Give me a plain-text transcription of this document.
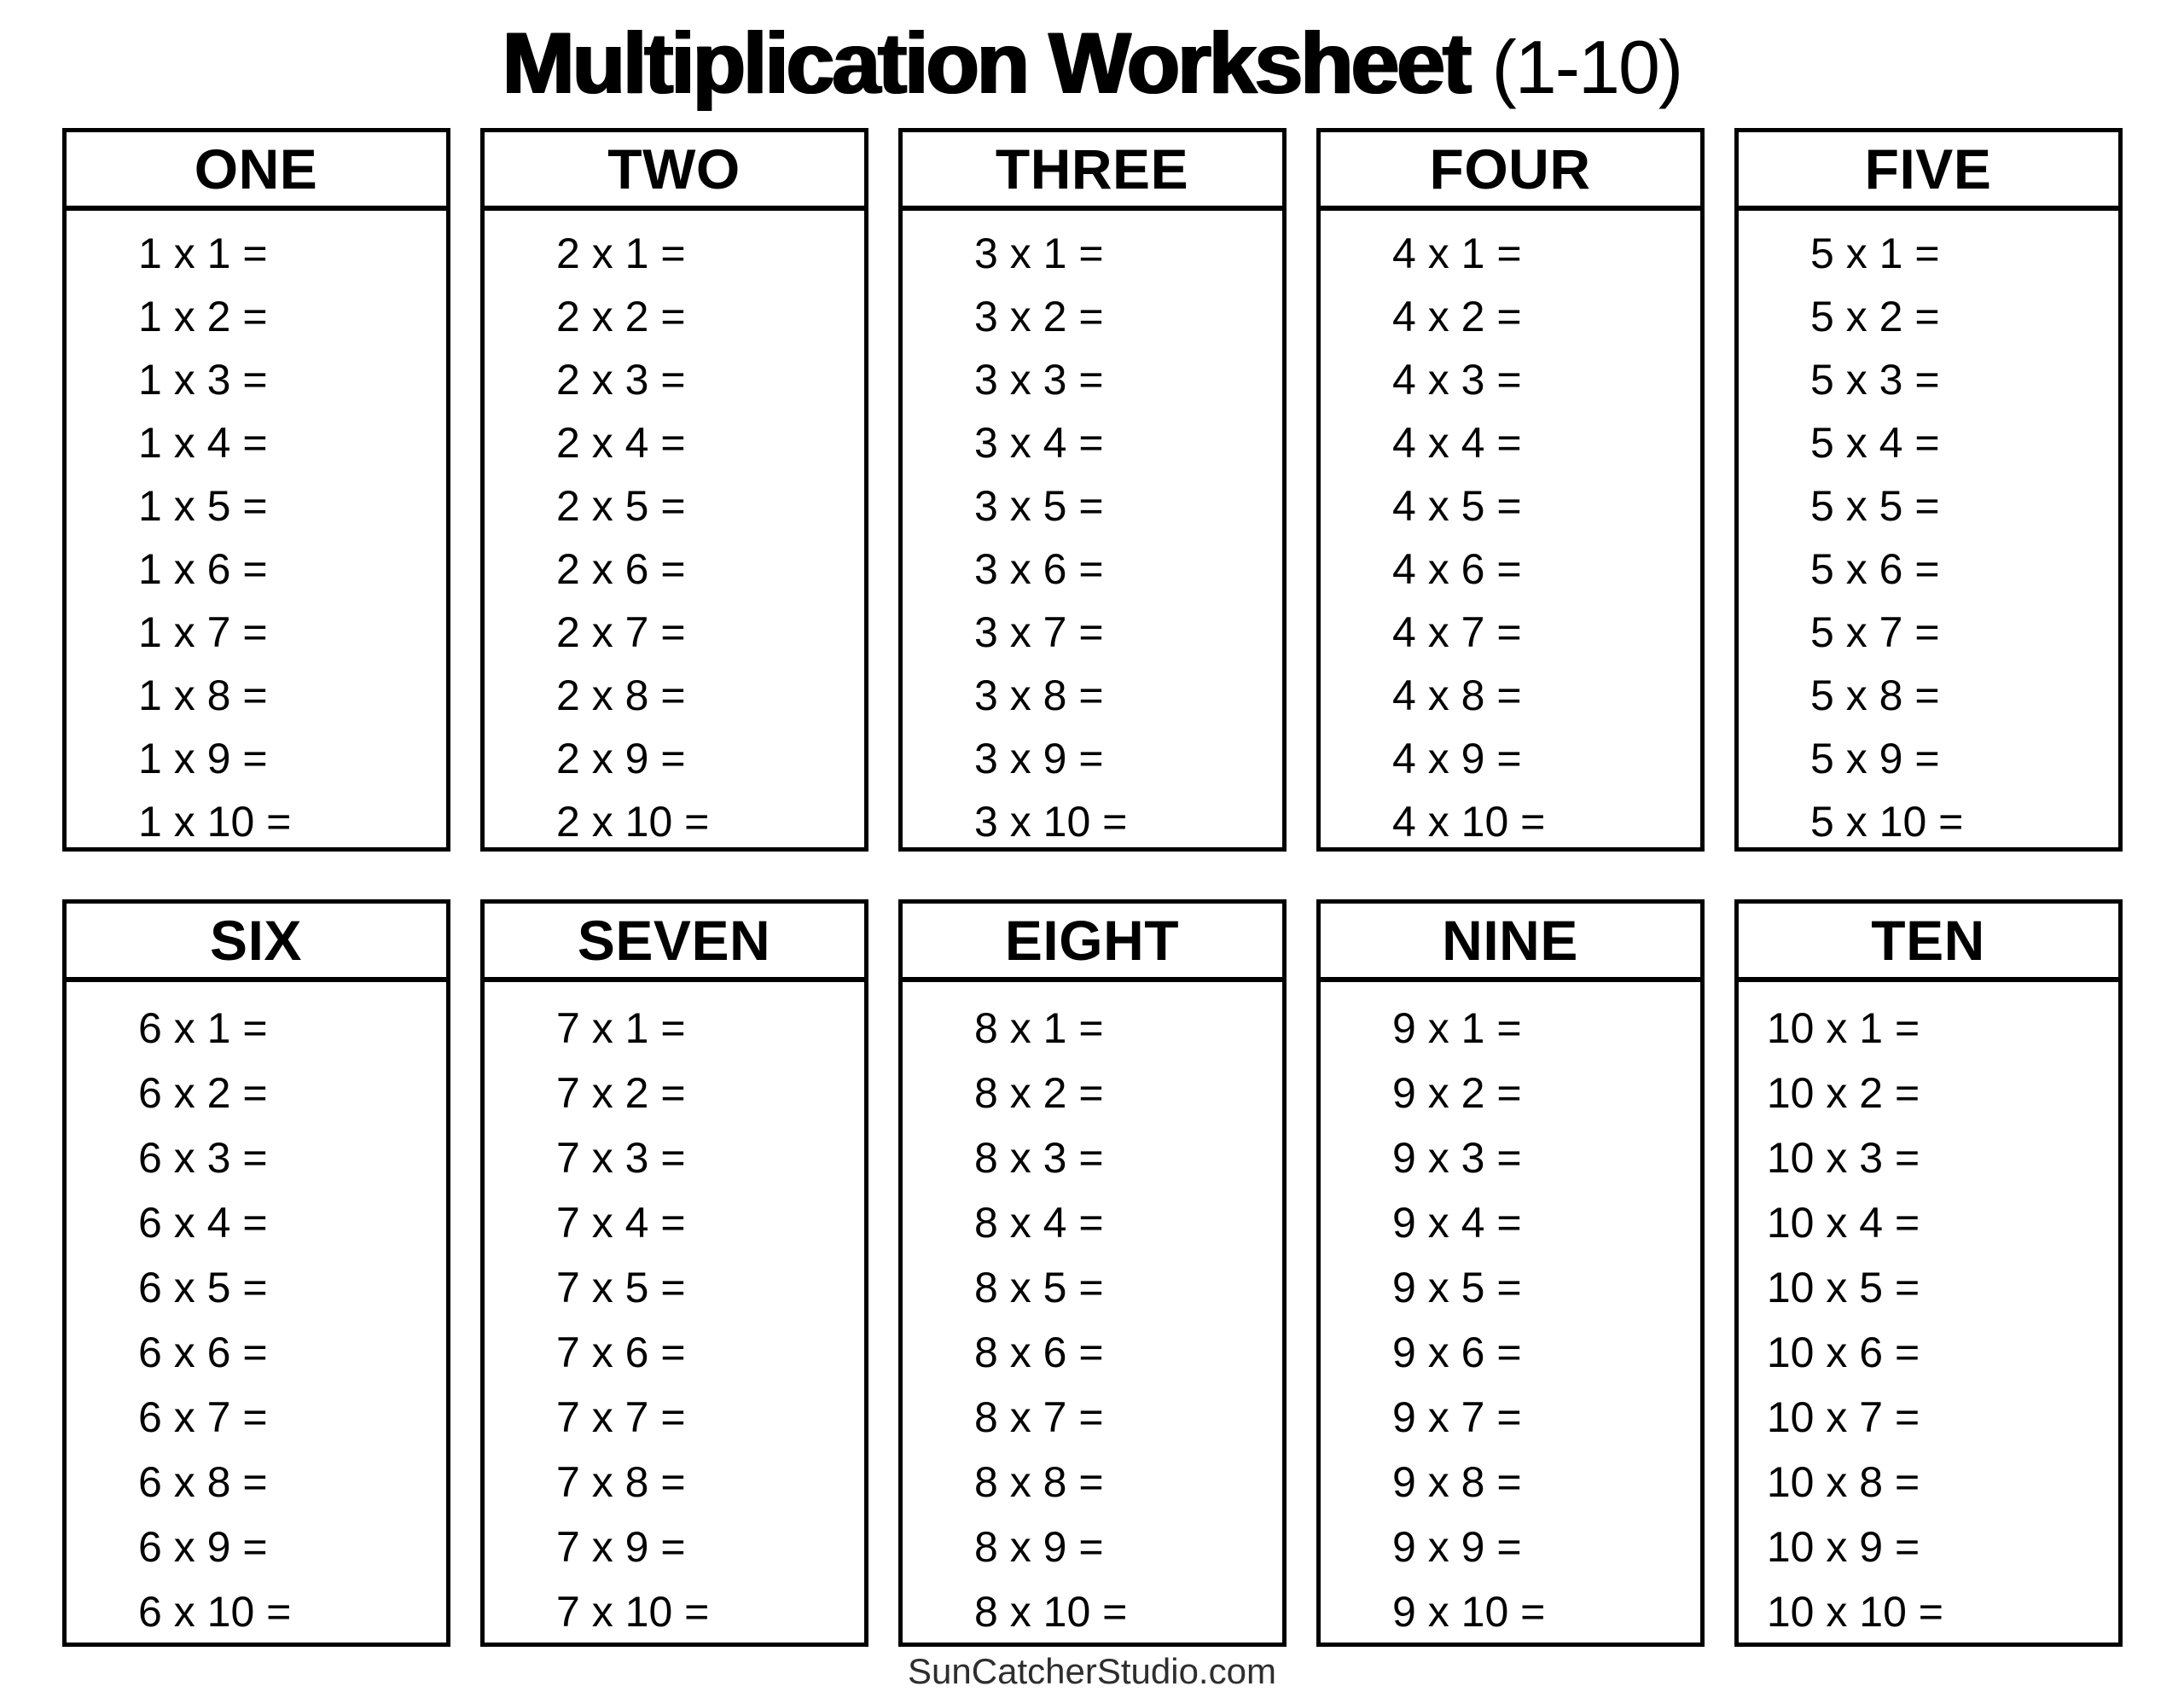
Multiplication Worksheet (1-10)
ONE

1 x 1 =

1 x 2 =

1 x 3 =

1 x 4 =

1 x 5 =

1 x 6 =

1 x 7 =

1 x 8 =

1 x 9 =

1 x 10 =

TWO

2 x 1 =

2 x 2 =

2 x 3 =

2 x 4 =

2 x 5 =

2 x 6 =

2 x 7 =

2 x 8 =

2 x 9 =

2 x 10 =

THREE

3 x 1 =

3 x 2 =

3 x 3 =

3 x 4 =

3 x 5 =

3 x 6 =

3 x 7 =

3 x 8 =

3 x 9 =

3 x 10 =

FOUR

4 x 1 =

4 x 2 =

4 x 3 =

4 x 4 =

4 x 5 =

4 x 6 =

4 x 7 =

4 x 8 =

4 x 9 =

4 x 10 =

FIVE

5 x 1 =

5 x 2 =

5 x 3 =

5 x 4 =

5 x 5 =

5 x 6 =

5 x 7 =

5 x 8 =

5 x 9 =

5 x 10 =

SIX

6 x 1 =

6 x 2 =

6 x 3 =

6 x 4 =

6 x 5 =

6 x 6 =

6 x 7 =

6 x 8 =

6 x 9 =

6 x 10 =

SEVEN

7 x 1 =

7 x 2 =

7 x 3 =

7 x 4 =

7 x 5 =

7 x 6 =

7 x 7 =

7 x 8 =

7 x 9 =

7 x 10 =

EIGHT

8 x 1 =

8 x 2 =

8 x 3 =

8 x 4 =

8 x 5 =

8 x 6 =

8 x 7 =

8 x 8 =

8 x 9 =

8 x 10 =

NINE

9 x 1 =

9 x 2 =

9 x 3 =

9 x 4 =

9 x 5 =

9 x 6 =

9 x 7 =

9 x 8 =

9 x 9 =

9 x 10 =

TEN

10 x 1 =

10 x 2 =

10 x 3 =

10 x 4 =

10 x 5 =

10 x 6 =

10 x 7 =

10 x 8 =

10 x 9 =

10 x 10 =

SunCatcherStudio.com
